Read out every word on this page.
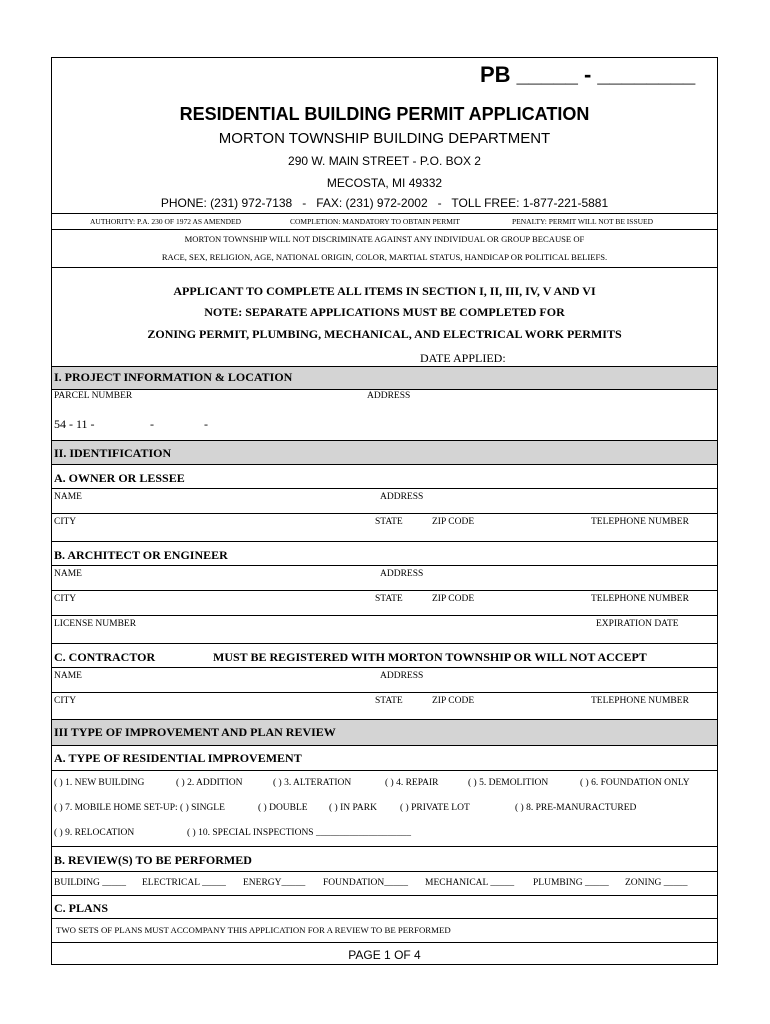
PB _____ - ________
RESIDENTIAL BUILDING PERMIT APPLICATION
MORTON TOWNSHIP BUILDING DEPARTMENT
290 W. MAIN STREET - P.O. BOX 2
MECOSTA, MI 49332
PHONE: (231) 972-7138   -   FAX: (231) 972-2002   -   TOLL FREE: 1-877-221-5881
AUTHORITY: P.A. 230 OF 1972 AS AMENDED	COMPLETION: MANDATORY TO OBTAIN PERMIT	PENALTY: PERMIT WILL NOT BE ISSUED
MORTON TOWNSHIP WILL NOT DISCRIMINATE AGAINST ANY INDIVIDUAL OR GROUP BECAUSE OF
RACE, SEX, RELIGION, AGE, NATIONAL ORIGIN, COLOR, MARTIAL STATUS, HANDICAP OR POLITICAL BELIEFS.
APPLICANT TO COMPLETE ALL ITEMS IN SECTION I, II, III, IV, V AND VI
NOTE: SEPARATE APPLICATIONS MUST BE COMPLETED FOR
ZONING PERMIT, PLUMBING, MECHANICAL, AND ELECTRICAL WORK PERMITS
DATE APPLIED:
I. PROJECT INFORMATION & LOCATION
PARCEL NUMBER	ADDRESS
54 - 11 -	-	-
II. IDENTIFICATION
A. OWNER OR LESSEE
NAME	ADDRESS
CITY	STATE	ZIP CODE	TELEPHONE NUMBER
B. ARCHITECT OR ENGINEER
NAME	ADDRESS
CITY	STATE	ZIP CODE	TELEPHONE NUMBER
LICENSE NUMBER	EXPIRATION DATE
C. CONTRACTOR	MUST BE REGISTERED WITH MORTON TOWNSHIP OR WILL NOT ACCEPT
NAME	ADDRESS
CITY	STATE	ZIP CODE	TELEPHONE NUMBER
III TYPE OF IMPROVEMENT AND PLAN REVIEW
A. TYPE OF RESIDENTIAL IMPROVEMENT
( ) 1. NEW BUILDING	( ) 2. ADDITION	( ) 3. ALTERATION	( ) 4. REPAIR	( ) 5. DEMOLITION	( ) 6. FOUNDATION ONLY
( ) 7. MOBILE HOME SET-UP: ( ) SINGLE	( ) DOUBLE ( ) IN PARK ( ) PRIVATE LOT	( ) 8. PRE-MANURACTURED
( ) 9. RELOCATION	( ) 10. SPECIAL INSPECTIONS ____________________
B. REVIEW(S) TO BE PERFORMED
BUILDING _____ ELECTRICAL _____ ENERGY_____ FOUNDATION_____ MECHANICAL _____ PLUMBING _____ ZONING _____
C. PLANS
TWO SETS OF PLANS MUST ACCOMPANY THIS APPLICATION FOR A REVIEW TO BE PERFORMED
PAGE 1 OF 4
